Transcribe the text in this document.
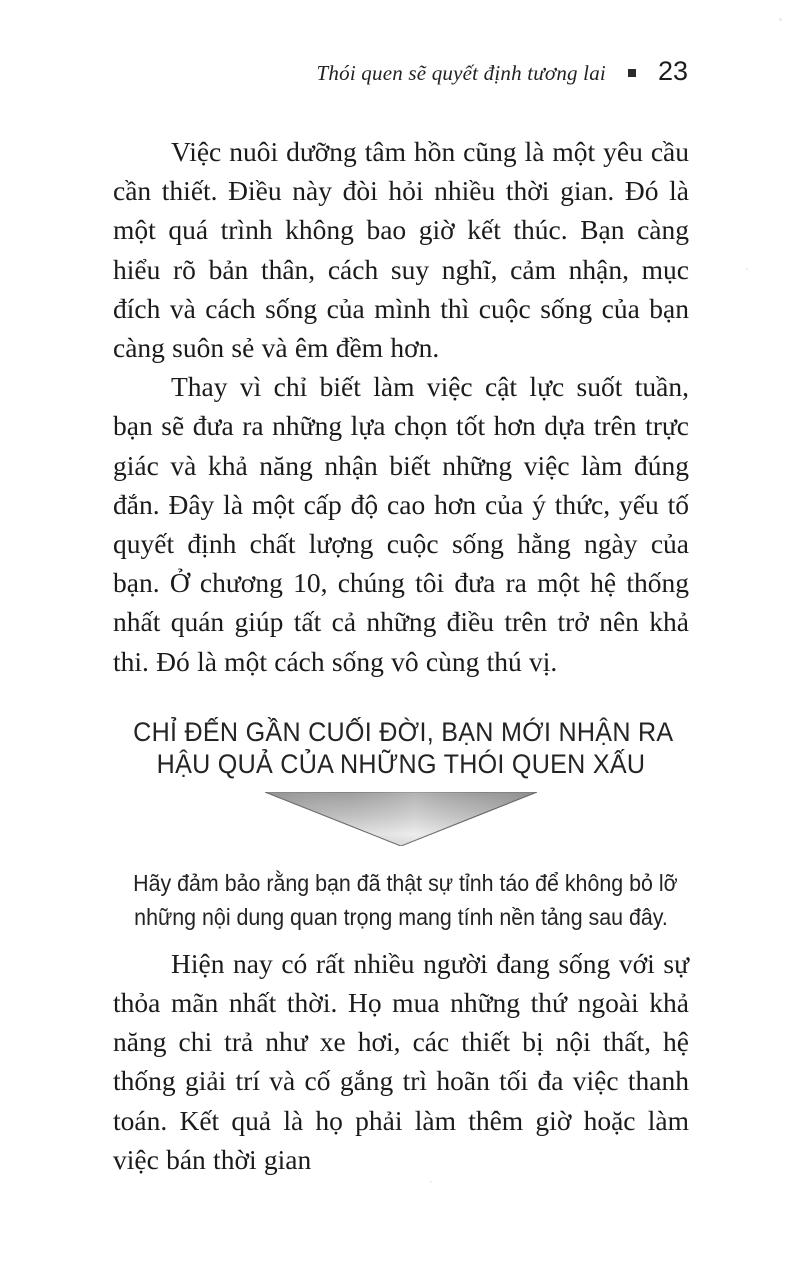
Thói quen sẽ quyết định tương lai 23

Việc nuôi dưỡng tâm hồn cũng là một yêu cầu cần thiết. Điều này đòi hỏi nhiều thời gian. Đó là một quá trình không bao giờ kết thúc. Bạn càng hiểu rõ bản thân, cách suy nghĩ, cảm nhận, mục đích và cách sống của mình thì cuộc sống của bạn càng suôn sẻ và êm đềm hơn.

Thay vì chỉ biết làm việc cật lực suốt tuần, bạn sẽ đưa ra những lựa chọn tốt hơn dựa trên trực giác và khả năng nhận biết những việc làm đúng đắn. Đây là một cấp độ cao hơn của ý thức, yếu tố quyết định chất lượng cuộc sống hằng ngày của bạn. Ở chương 10, chúng tôi đưa ra một hệ thống nhất quán giúp tất cả những điều trên trở nên khả thi. Đó là một cách sống vô cùng thú vị.

CHỈ ĐẾN GẦN CUỐI ĐỜI, BẠN MỚI NHẬN RA
HẬU QUẢ CỦA NHỮNG THÓI QUEN XẤU
Hãy đảm bảo rằng bạn đã thật sự tỉnh táo để không bỏ lỡ
những nội dung quan trọng mang tính nền tảng sau đây.

Hiện nay có rất nhiều người đang sống với sự thỏa mãn nhất thời. Họ mua những thứ ngoài khả năng chi trả như xe hơi, các thiết bị nội thất, hệ thống giải trí và cố gắng trì hoãn tối đa việc thanh toán. Kết quả là họ phải làm thêm giờ hoặc làm việc bán thời gian
